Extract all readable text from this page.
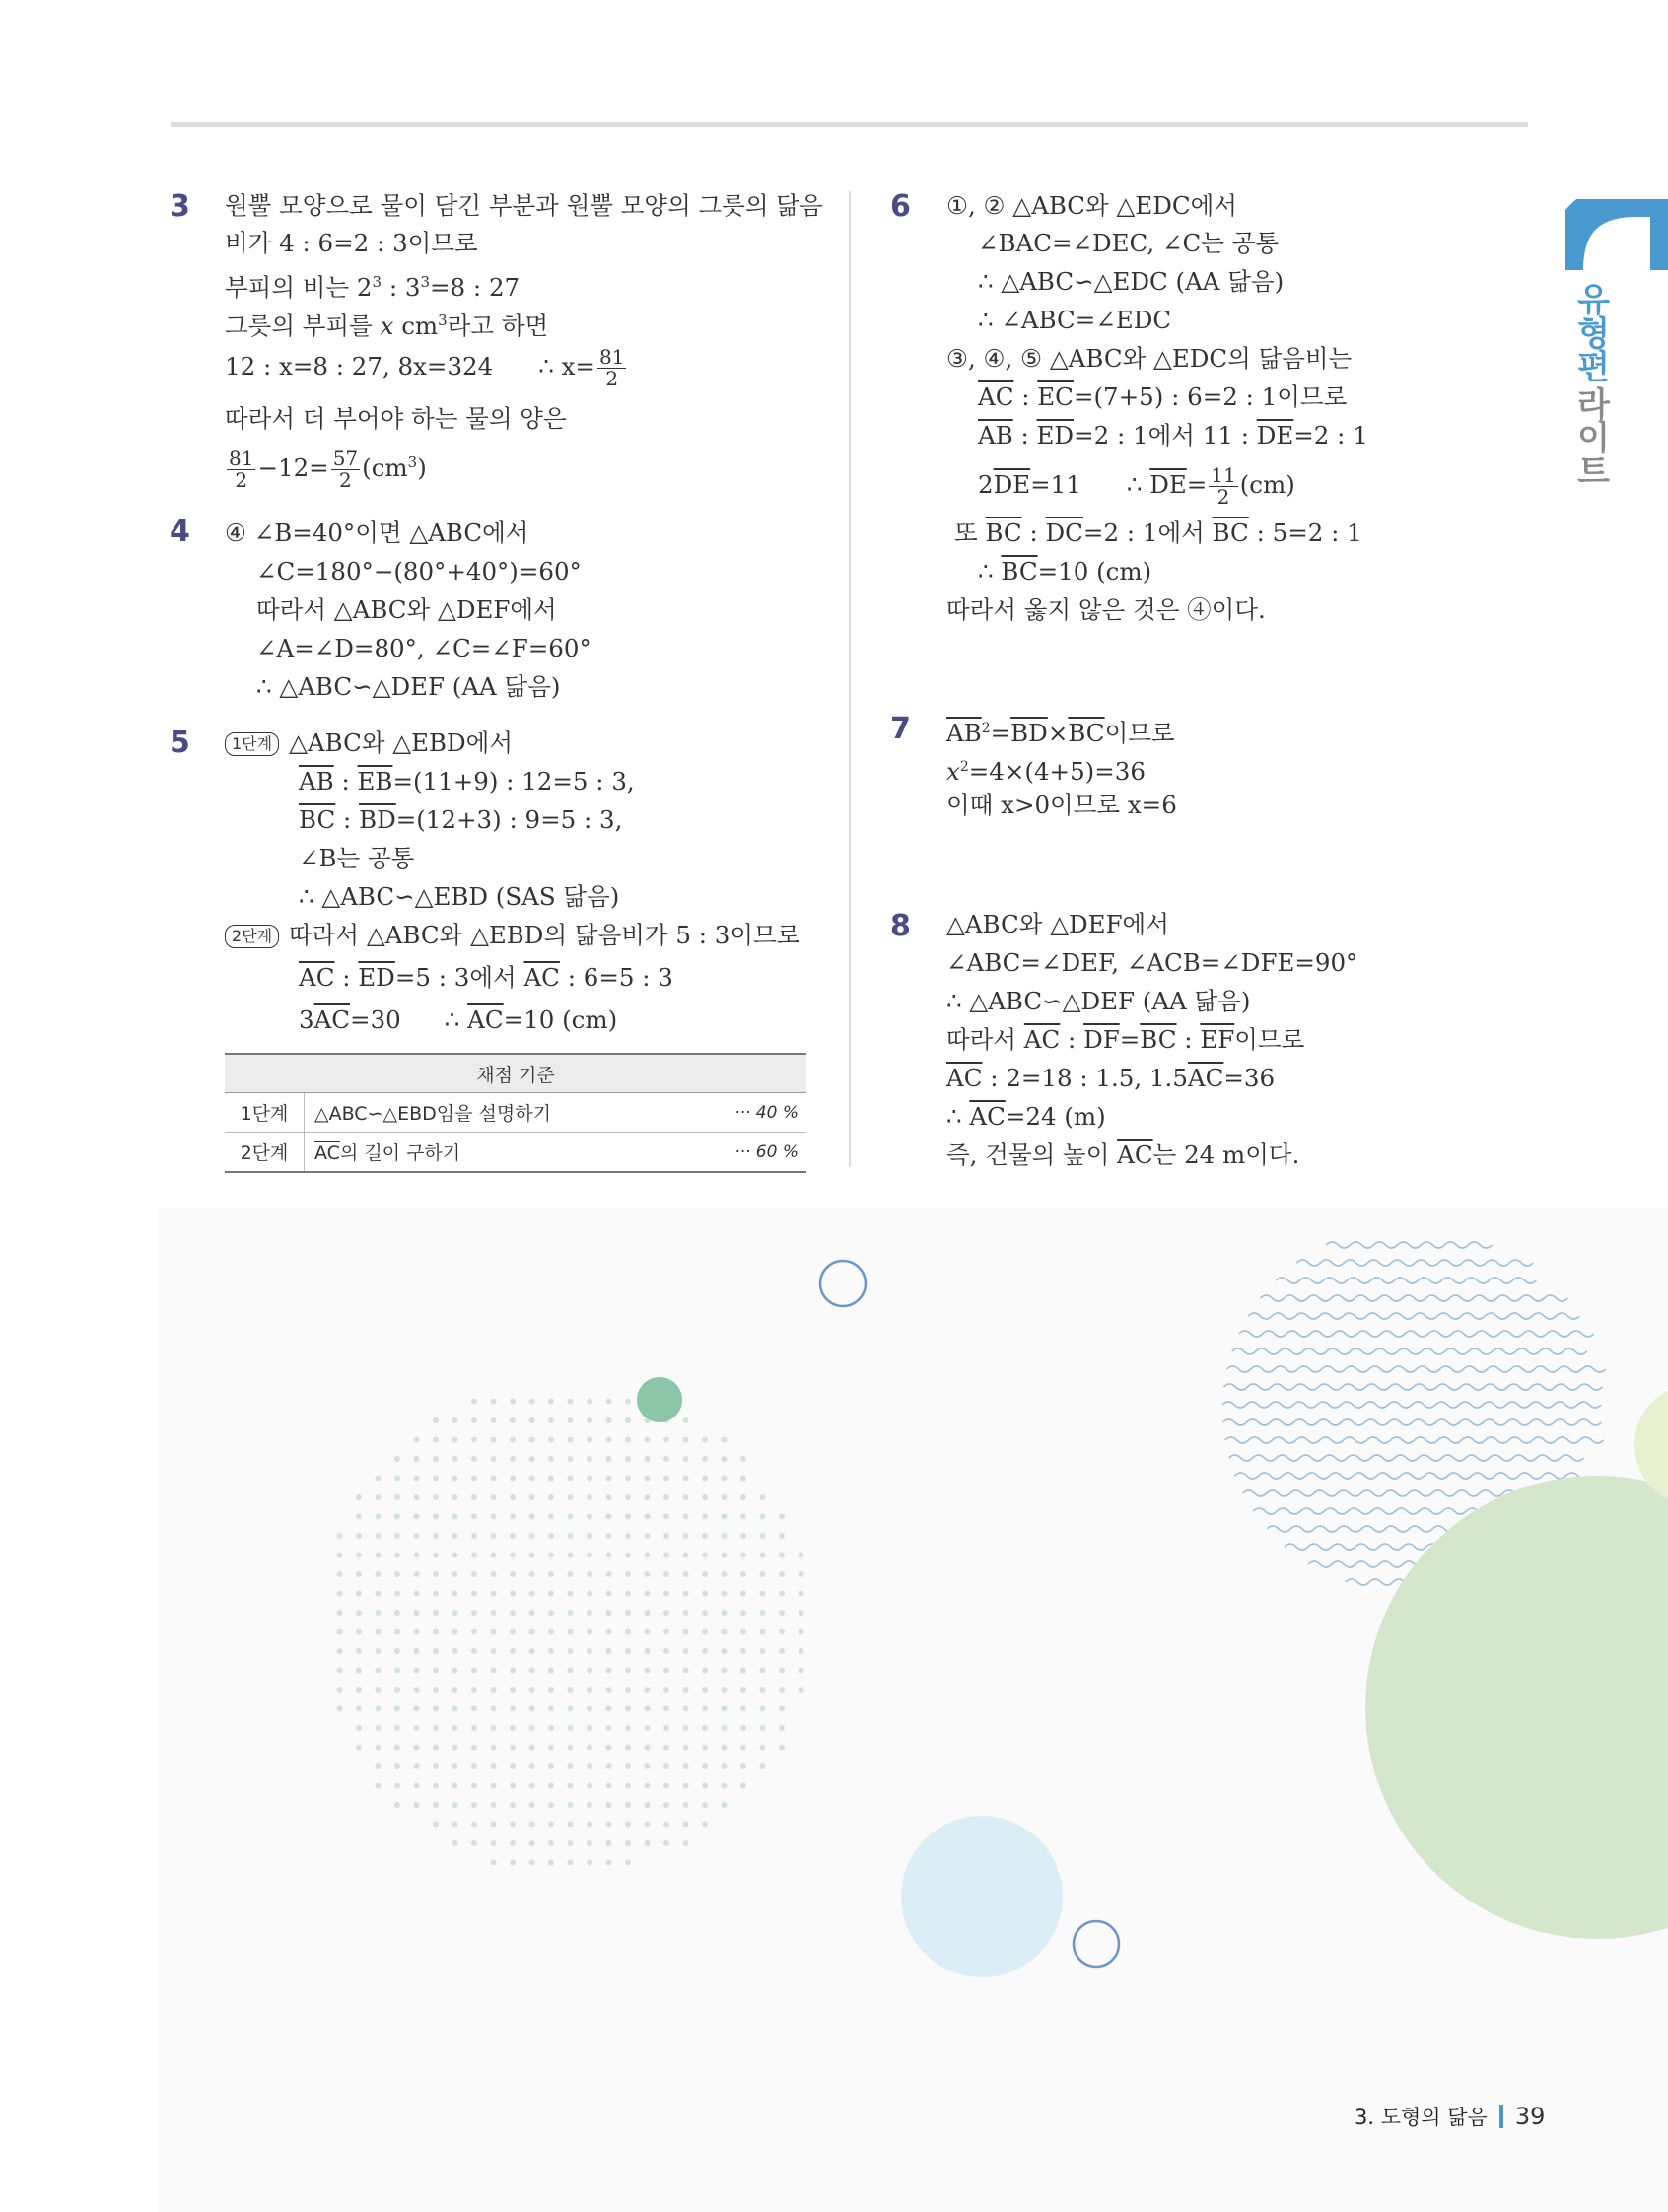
유형편
라이트
3 원뿔 모양으로 물이 담긴 부분과 원뿔 모양의 그릇의 닮음
비가 4 : 6=2 : 3이므로
부피의 비는 $2^3$ : $3^3=8$ : 27
그릇의 부피를 x $cm^3$라고 하면
12 : x=8 : 27, 8x=324 ∴ $x= \frac{81}{2}$
따라서 더 부어야 하는 물의 양은
$\frac{81}{2} -12= \frac{57}{2} (cm^3)$
4 ④ ∠B=40°이면 △ABC에서
∠C=180°−(80°+40°)=60°
따라서 △ABC와 △DEF에서
∠A=∠D=80°, ∠C=∠F=60°
∴ △ABC∽△DEF (AA 닮음)
5	1단계 △ABC와 △EBD에서
$\overline{AB}$ : $\overline{EB}=(11+9)$ : 12=5 : 3,
$\overline{BC}$ : $\overline{BD}=(12+3)$ : 9=5 : 3,
∠B는 공통
∴ △ABC∽△EBD (SAS 닮음)
2단계 따라서 △ABC와 △EBD의 닮음비가 5 : 3이므로
$\overline{AC}$ : $\overline{ED}=5$ : 3에서 $\overline{AC}$ : 6=5 : 3
$3\overline{AC}=30$ ∴ $\overline{AC}=10$ (cm)
채점 기준		
1단계	△ABC∽△EBD임을 설명하기	··· 40 %
2단계	$\overline{AC}$의 길이 구하기	··· 60 %
6 ①, ② △ABC와 △EDC에서
∠BAC=∠DEC, ∠C는 공통
∴ △ABC∽△EDC (AA 닮음)
∴ ∠ABC=∠EDC
③, ④, ⑤ △ABC와 △EDC의 닮음비는
$\overline{AC}$ : $\overline{EC}=(7+5)$ : 6=2 : 1이므로
$\overline{AB}$ : $\overline{ED}=2$ : 1에서 11 : $\overline{DE}=2$ : 1
$2\overline{DE}=11$ ∴ $\overline{DE}= \frac{11}{2} (cm)$
또 $\overline{BC}$ : $\overline{DC}=2$ : 1에서 $\overline{BC}$ : 5=2 : 1
∴ $\overline{BC}=10$ (cm)
따라서 옳지 않은 것은 ④이다.
7 $\overline{AB}^2=\overline{BD}\times\overline{BC}$이므로
$x^2=4\times(4+5)=36$
이때 x>0이므로 x=6
8 △ABC와 △DEF에서
∠ABC=∠DEF, ∠ACB=∠DFE=90°
∴ △ABC∽△DEF (AA 닮음)
따라서 $\overline{AC}$ : $\overline{DF}=\overline{BC}$ : $\overline{EF}$이므로
$\overline{AC}$ : 2=18 : 1.5, $1.5\overline{AC}=36$
∴ $\overline{AC}=24$ (m)
즉, 건물의 높이 $\overline{AC}$는 24 m이다.
3. 도형의 닮음 39
